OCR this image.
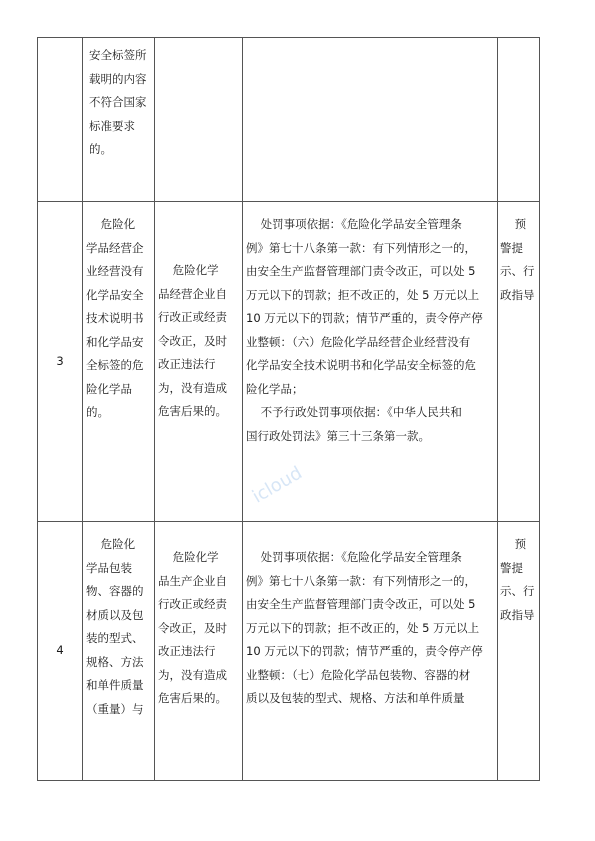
安全标签所
载明的内容
不符合国家
标准要求
的。
3
危险化
学品经营企
业经营没有
化学品安全
技术说明书
和化学品安
全标签的危
险化学品
的。
危险化学
品经营企业自
行改正或经责
令改正，及时
改正违法行
为，没有造成
危害后果的。
处罚事项依据：《危险化学品安全管理条
例》第七十八条第一款：有下列情形之一的，
由安全生产监督管理部门责令改正，可以处 5
万元以下的罚款；拒不改正的，处 5 万元以上
10 万元以下的罚款；情节严重的，责令停产停
业整顿：（六）危险化学品经营企业经营没有
化学品安全技术说明书和化学品安全标签的危
险化学品；
不予行政处罚事项依据：《中华人民共和
国行政处罚法》第三十三条第一款。
预
警提
示、行
政指导
4
危险化
学品包装
物、容器的
材质以及包
装的型式、
规格、方法
和单件质量
（重量）与
危险化学
品生产企业自
行改正或经责
令改正，及时
改正违法行
为，没有造成
危害后果的。
处罚事项依据：《危险化学品安全管理条
例》第七十八条第一款：有下列情形之一的，
由安全生产监督管理部门责令改正，可以处 5
万元以下的罚款；拒不改正的，处 5 万元以上
10 万元以下的罚款；情节严重的，责令停产停
业整顿：（七）危险化学品包装物、容器的材
质以及包装的型式、规格、方法和单件质量
预
警提
示、行
政指导
icloud
